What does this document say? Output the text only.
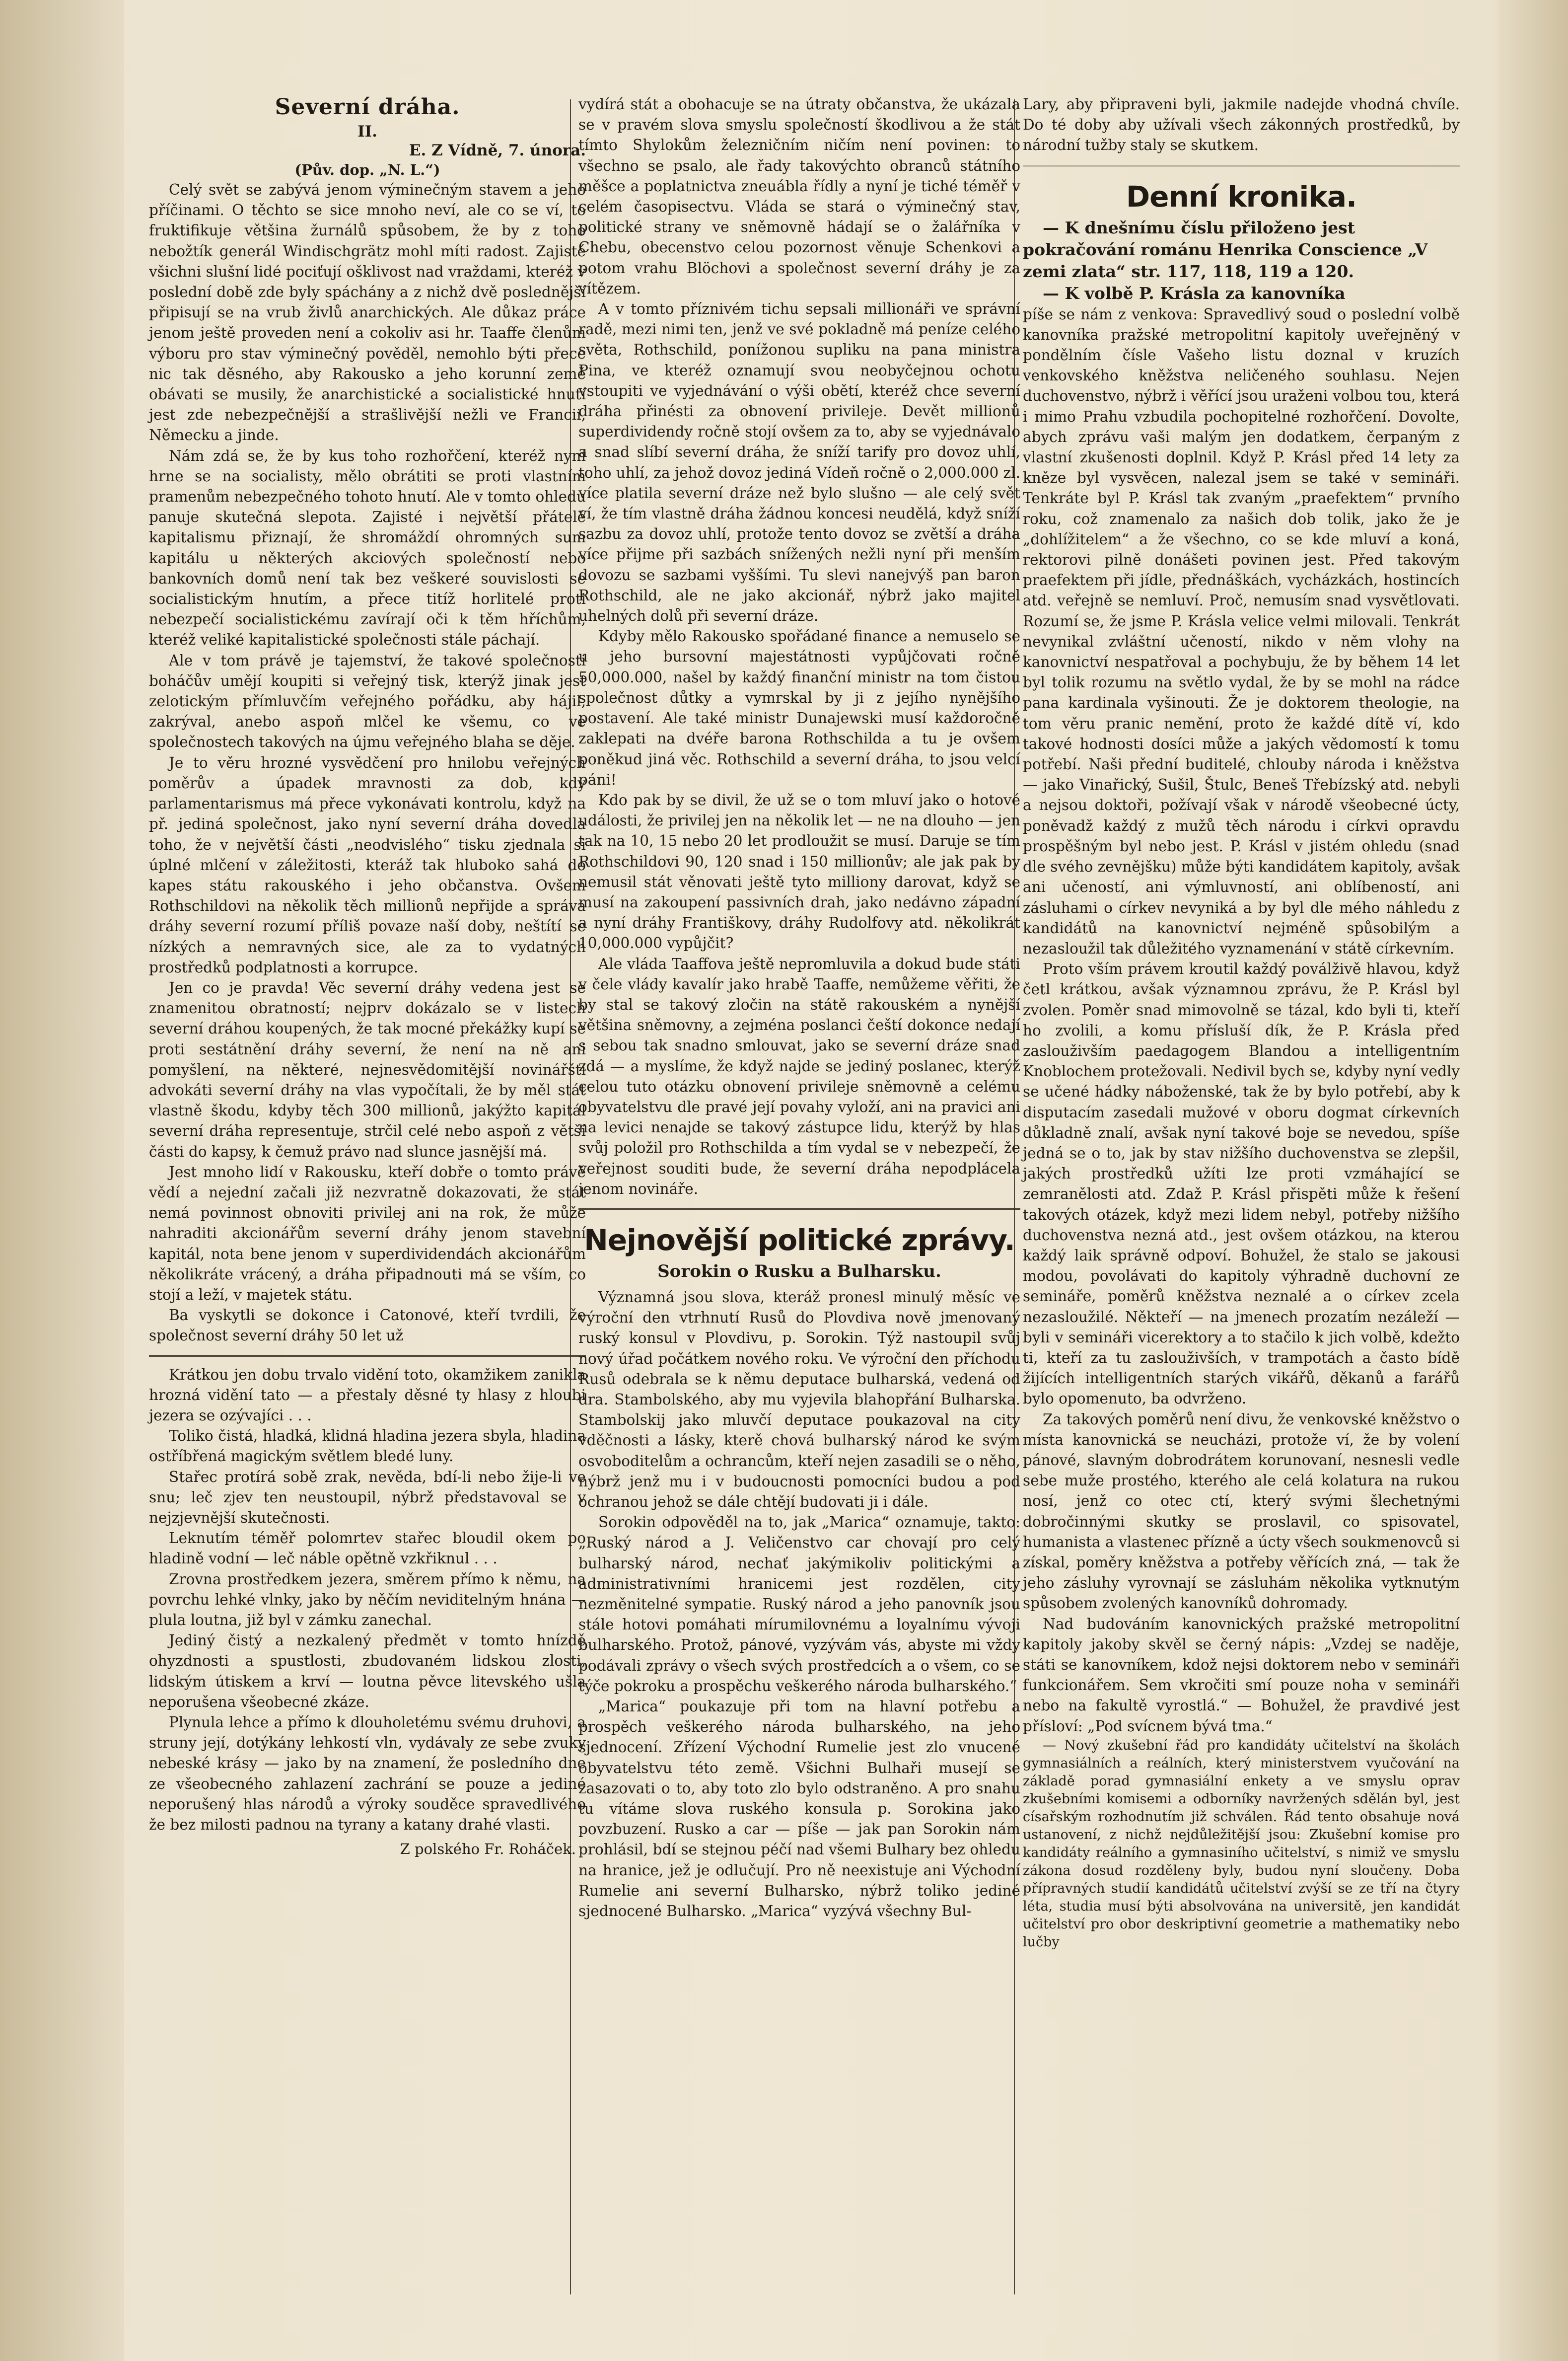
Severní dráha.
II.
E. Z Vídně, 7. února.
(Pův. dop. „N. L.“)

Celý svět se zabývá jenom výminečným stavem a jeho příčinami. O těchto se sice mnoho neví, ale co se ví, to fruktifikuje většina žurnálů spůsobem, že by z toho nebožtík generál Windischgrätz mohl míti radost. Zajisté všichni slušní lidé pociťují ošklivost nad vraždami, kteréž v poslední době zde byly spáchány a z nichž dvě poslednější připisují se na vrub živlů anarchických. Ale důkaz práce jenom ještě proveden není a cokoliv asi hr. Taaffe členům výboru pro stav výminečný pověděl, nemohlo býti přece nic tak děsného, aby Rakousko a jeho korunní země obávati se musily, že anarchistické a socialistické hnutí jest zde nebezpečnější a strašlivější nežli ve Francii, Německu a jinde.

Nám zdá se, že by kus toho rozhořčení, kteréž nyní hrne se na socialisty, mělo obrátiti se proti vlastním pramenům nebezpečného tohoto hnutí. Ale v tomto ohledu panuje skutečná slepota. Zajisté i největší přátelé kapitalismu přiznají, že shromáždí ohromných sum kapitálu u některých akciových společností nebo bankovních domů není tak bez veškeré souvislosti se socialistickým hnutím, a přece titíž horlitelé proti nebezpečí socialistickému zavírají oči k těm hříchům, kteréž veliké kapitalistické společnosti stále páchají.

Ale v tom právě je tajemství, že takové společnosti boháčův umějí koupiti si veřejný tisk, kterýž jinak jest zelotickým přímluvčím veřejného pořádku, aby hájil, zakrýval, anebo aspoň mlčel ke všemu, co ve společnostech takových na újmu veřejného blaha se děje.

Je to věru hrozné vysvědčení pro hnilobu veřejných poměrův a úpadek mravnosti za dob, kdy parlamentarismus má přece vykonávati kontrolu, když na př. jediná společnost, jako nyní severní dráha dovedla toho, že v největší části „neodvislého“ tisku zjednala si úplné mlčení v záležitosti, kteráž tak hluboko sahá do kapes státu rakouského i jeho občanstva. Ovšem Rothschildovi na několik těch millionů nepřijde a správa dráhy severní rozumí příliš povaze naší doby, neštítí se nízkých a nemravných sice, ale za to vydatných prostředků podplatnosti a korrupce.

Jen co je pravda! Věc severní dráhy vedena jest se znamenitou obratností; nejprv dokázalo se v listech severní dráhou koupených, že tak mocné překážky kupí se proti sestátnění dráhy severní, že není na ně ani pomyšlení, na některé, nejnesvědomitější novinářští advokáti severní dráhy na vlas vypočítali, že by měl stát vlastně škodu, kdyby těch 300 millionů, jakýžto kapitál severní dráha representuje, strčil celé nebo aspoň z větší části do kapsy, k čemuž právo nad slunce jasnější má.

Jest mnoho lidí v Rakousku, kteří dobře o tomto právě vědí a nejední začali již nezvratně dokazovati, že stát nemá povinnost obnoviti privilej ani na rok, že může nahraditi akcionářům severní dráhy jenom stavební kapitál, nota bene jenom v superdividendách akcionářům několikráte vrácený, a dráha připadnouti má se vším, co stojí a leží, v majetek státu.

Ba vyskytli se dokonce i Catonové, kteří tvrdili, že společnost severní dráhy 50 let už

Krátkou jen dobu trvalo vidění toto, okamžikem zanikla hrozná vidění tato — a přestaly děsné ty hlasy z hloubi jezera se ozývajíci . . .

Toliko čistá, hladká, klidná hladina jezera sbyla, hladina ostříbřená magickým světlem bledé luny.

Stařec protírá sobě zrak, nevěda, bdí-li nebo žije-li ve snu; leč zjev ten neustoupil, nýbrž představoval se v nejzjevnější skutečnosti.

Leknutím téměř polomrtev stařec bloudil okem po hladině vodní — leč náble opětně vzkřiknul . . .

Zrovna prostředkem jezera, směrem přímo k němu, na povrchu lehké vlnky, jako by něčím neviditelným hnána — plula loutna, již byl v zámku zanechal.

Jediný čistý a nezkalený předmět v tomto hnízdě ohyzdnosti a spustlosti, zbudovaném lidskou zlosti, lidským útiskem a krví — loutna pěvce litevského ušla neporušena všeobecné zkáze.

Plynula lehce a přímo k dlouholetému svému druhovi, a struny její, dotýkány lehkostí vln, vydávaly ze sebe zvuky nebeské krásy — jako by na znamení, že posledního dne ze všeobecného zahlazení zachrání se pouze a jediné neporušený hlas národů a výroky souděce spravedlivého že bez milosti padnou na tyrany a katany drahé vlasti.

Z polského Fr. Roháček.

vydírá stát a obohacuje se na útraty občanstva, že ukázala se v pravém slova smyslu společností škodlivou a že stát tímto Shylokům železničním ničím není povinen: to všechno se psalo, ale řady takovýchto obranců státního měšce a poplatnictva zneuábla řídly a nyní je tiché téměř v celém časopisectvu. Vláda se stará o výminečný stav, politické strany ve sněmovně hádají se o žalářníka v Chebu, obecenstvo celou pozornost věnuje Schenkovi a potom vrahu Blöchovi a společnost severní dráhy je za vítězem.

A v tomto příznivém tichu sepsali millionáři ve správní radě, mezi nimi ten, jenž ve své pokladně má peníze celého světa, Rothschild, ponížonou supliku na pana ministra Pina, ve kteréž oznamují svou neobyčejnou ochotu vstoupiti ve vyjednávání o výši obětí, kteréž chce severní dráha přinésti za obnovení privileje. Devět millionů superdividendy ročně stojí ovšem za to, aby se vyjednávalo a snad slíbí severní dráha, že sníží tarify pro dovoz uhlí, toho uhlí, za jehož dovoz jediná Vídeň ročně o 2,000.000 zl. více platila severní dráze než bylo slušno — ale celý svět ví, že tím vlastně dráha žádnou koncesi neudělá, když sníží sazbu za dovoz uhlí, protože tento dovoz se zvětší a dráha více přijme při sazbách snížených nežli nyní při menším dovozu se sazbami vyššími. Tu slevi nanejvýš pan baron Rothschild, ale ne jako akcionář, nýbrž jako majitel uhelných dolů při severní dráze.

Kdyby mělo Rakousko spořádané finance a nemuselo se u jeho bursovní majestátnosti vypůjčovati ročně 50,000.000, našel by každý finanční ministr na tom čistou společnost důtky a vymrskal by ji z jejího nynějšího postavení. Ale také ministr Dunajewski musí každoročně zaklepati na dvéře barona Rothschilda a tu je ovšem poněkud jiná věc. Rothschild a severní dráha, to jsou velcí páni!

Kdo pak by se divil, že už se o tom mluví jako o hotové události, že privilej jen na několik let — ne na dlouho — jen tak na 10, 15 nebo 20 let prodloužit se musí. Daruje se tím Rothschildovi 90, 120 snad i 150 millionův; ale jak pak by nemusil stát věnovati ještě tyto milliony darovat, když se musí na zakoupení passivních drah, jako nedávno západní a nyní dráhy Františkovy, dráhy Rudolfovy atd. několikrát 10,000.000 vypůjčit?

Ale vláda Taaffova ještě nepromluvila a dokud bude státi v čele vlády kavalír jako hrabě Taaffe, nemůžeme věřiti, že by stal se takový zločin na státě rakouském a nynější většina sněmovny, a zejména poslanci čeští dokonce nedají s sebou tak snadno smlouvat, jako se severní dráze snad zdá — a myslíme, že když najde se jediný poslanec, kterýž celou tuto otázku obnovení privileje sněmovně a celému obyvatelstvu dle pravé její povahy vyloží, ani na pravici ani na levici nenajde se takový zástupce lidu, kterýž by hlas svůj položil pro Rothschilda a tím vydal se v nebezpečí, že veřejnost souditi bude, že severní dráha nepodplácela jenom novináře.

Nejnovější politické zprávy.
Sorokin o Rusku a Bulharsku.

Významná jsou slova, kteráž pronesl minulý měsíc ve výroční den vtrhnutí Rusů do Plovdiva nově jmenovaný ruský konsul v Plovdivu, p. Sorokin. Týž nastoupil svůj nový úřad počátkem nového roku. Ve výroční den příchodu Rusů odebrala se k němu deputace bulharská, vedená od dra. Stambolského, aby mu vyjevila blahopřání Bulharska. Stambolskij jako mluvčí deputace poukazoval na city vděčnosti a lásky, kterě chová bulharský národ ke svým osvoboditelům a ochrancům, kteří nejen zasadili se o něho, nýbrž jenž mu i v budoucnosti pomocníci budou a pod ochranou jehož se dále chtějí budovati ji i dále.

Sorokin odpověděl na to, jak „Marica“ oznamuje, takto: „Ruský národ a J. Veličenstvo car chovají pro celý bulharský národ, nechať jakýmikoliv politickými a administrativními hranicemi jest rozdělen, city nezměnitelné sympatie. Ruský národ a jeho panovník jsou stále hotovi pomáhati mírumilovnému a loyalnímu vývoji bulharského. Protož, pánové, vyzývám vás, abyste mi vždy podávali zprávy o všech svých prostředcích a o všem, co se týče pokroku a prospěchu veškerého národa bulharského.“

„Marica“ poukazuje při tom na hlavní potřebu a prospěch veškerého národa bulharského, na jeho sjednocení. Zřízení Východní Rumelie jest zlo vnucené obyvatelstvu této země. Všichni Bulhaři musejí se zasazovati o to, aby toto zlo bylo odstraněno. A pro snahu tu vítáme slova ruského konsula p. Sorokina jako povzbuzení. Rusko a car — píše — jak pan Sorokin nám prohlásil, bdí se stejnou péčí nad všemi Bulhary bez ohledu na hranice, jež je odlučují. Pro ně neexistuje ani Východní Rumelie ani severní Bulharsko, nýbrž toliko jediné sjednocené Bulharsko. „Marica“ vyzývá všechny Bul-

Lary, aby připraveni byli, jakmile nadejde vhodná chvíle. Do té doby aby užívali všech zákonných prostředků, by národní tužby staly se skutkem.

Denní kronika.

— K dnešnímu číslu přiloženo jest pokračování románu Henrika Conscience „V zemi zlata“ str. 117, 118, 119 a 120.

— K volbě P. Krásla za kanovníka

píše se nám z venkova: Spravedlivý soud o poslední volbě kanovníka pražské metropolitní kapitoly uveřejněný v pondělním čísle Vašeho listu doznal v kruzích venkovského kněžstva neličeného souhlasu. Nejen duchovenstvo, nýbrž i věřící jsou uraženi volbou tou, která i mimo Prahu vzbudila pochopitelné rozhořčení. Dovolte, abych zprávu vaši malým jen dodatkem, čerpaným z vlastní zkušenosti doplnil. Když P. Krásl před 14 lety za kněze byl vysvěcen, nalezal jsem se také v semináři. Tenkráte byl P. Krásl tak zvaným „praefektem“ prvního roku, což znamenalo za našich dob tolik, jako že je „dohlížitelem“ a že všechno, co se kde mluví a koná, rektorovi pilně donášeti povinen jest. Před takovým praefektem při jídle, přednáškách, vycházkách, hostincích atd. veřejně se nemluví. Proč, nemusím snad vysvětlovati. Rozumí se, že jsme P. Krásla velice velmi milovali. Tenkrát nevynikal zvláštní učeností, nikdo v něm vlohy na kanovnictví nespatřoval a pochybuju, že by během 14 let byl tolik rozumu na světlo vydal, že by se mohl na rádce pana kardinala vyšinouti. Že je doktorem theologie, na tom věru pranic nemění, proto že každé dítě ví, kdo takové hodnosti dosíci může a jakých vědomostí k tomu potřebí. Naši přední buditelé, chlouby národa i kněžstva — jako Vinařický, Sušil, Štulc, Beneš Třebízský atd. nebyli a nejsou doktoři, požívají však v národě všeobecné úcty, poněvadž každý z mužů těch národu i církvi opravdu prospěšným byl nebo jest. P. Krásl v jistém ohledu (snad dle svého zevnějšku) může býti kandidátem kapitoly, avšak ani učeností, ani výmluvností, ani oblíbeností, ani zásluhami o církev nevyniká a by byl dle mého náhledu z kandidátů na kanovnictví nejméně spůsobilým a nezasloužil tak důležitého vyznamenání v státě církevním.

Proto vším právem kroutil každý poválživě hlavou, když četl krátkou, avšak významnou zprávu, že P. Krásl byl zvolen. Poměr snad mimovolně se tázal, kdo byli ti, kteří ho zvolili, a komu přísluší dík, že P. Krásla před zaslouživším paedagogem Blandou a intelligentním Knoblochem protežovali. Nedivil bych se, kdyby nyní vedly se učené hádky náboženské, tak že by bylo potřebí, aby k disputacím zasedali mužové v oboru dogmat církevních důkladně znalí, avšak nyní takové boje se nevedou, spíše jedná se o to, jak by stav nižšího duchovenstva se zlepšil, jakých prostředků užíti lze proti vzmáhající se zemranělosti atd. Zdaž P. Krásl přispěti může k řešení takových otázek, když mezi lidem nebyl, potřeby nižšího duchovenstva nezná atd., jest ovšem otázkou, na kterou každý laik správně odpoví. Bohužel, že stalo se jakousi modou, povolávati do kapitoly výhradně duchovní ze semináře, poměrů kněžstva neznalé a o církev zcela nezasloužilé. Někteří — na jmenech prozatím nezáleží — byli v semináři vicerektory a to stačilo k jich volbě, kdežto ti, kteří za tu zaslouživších, v trampotách a často bídě žijících intelligentních starých vikářů, děkanů a farářů bylo opomenuto, ba odvrženo.

Za takových poměrů není divu, že venkovské kněžstvo o místa kanovnická se neucházi, protože ví, že by volení pánové, slavným dobrodrátem korunovaní, nesnesli vedle sebe muže prostého, kterého ale celá kolatura na rukou nosí, jenž co otec ctí, který svými šlechetnými dobročinnými skutky se proslavil, co spisovatel, humanista a vlastenec přízně a úcty všech soukmenovců si získal, poměry kněžstva a potřeby věřících zná, — tak že jeho zásluhy vyrovnají se zásluhám několika vytknutým spůsobem zvolených kanovníků dohromady.

Nad budováním kanovnických pražské metropolitní kapitoly jakoby skvěl se černý nápis: „Vzdej se naděje, státi se kanovníkem, kdož nejsi doktorem nebo v semináři funkcionářem. Sem vkročiti smí pouze noha v semináři nebo na fakultě vyrostlá.“ — Bohužel, že pravdivé jest přísloví: „Pod svícnem bývá tma.“

— Nový zkušební řád pro kandidáty učitelství na školách gymnasiálních a reálních, který ministerstvem vyučování na základě porad gymnasiální enkety a ve smyslu oprav zkušebními komisemi a odborníky navržených sdělán byl, jest císařským rozhodnutím již schválen. Řád tento obsahuje nová ustanovení, z nichž nejdůležitější jsou: Zkušební komise pro kandidáty reálního a gymnasiního učitelství, s nimiž ve smyslu zákona dosud rozděleny byly, budou nyní sloučeny. Doba přípravných studií kandidátů učitelství zvýší se ze tří na čtyry léta, studia musí býti absolvována na universitě, jen kandidát učitelství pro obor deskriptivní geometrie a mathematiky nebo lučby
